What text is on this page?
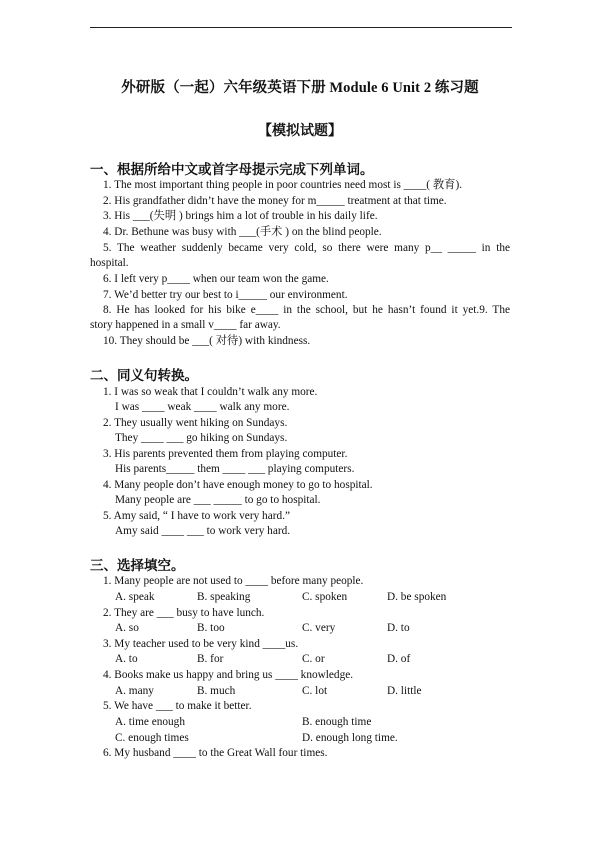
外研版（一起）六年级英语下册 Module 6 Unit 2 练习题
【模拟试题】
一、根据所给中文或首字母提示完成下列单词。
1. The most important thing people in poor countries need most is ____( 教育).
2. His grandfather didn’t have the money for m_____ treatment at that time.
3. His ___(失明 ) brings him a lot of trouble in his daily life.
4. Dr. Bethune was busy with ___(手术 ) on the blind people.
5. The weather suddenly became very cold, so there were many p__ _____ in the
hospital.
6. I left very p____ when our team won the game.
7. We’d better try our best to i_____ our environment.
8. He has looked for his bike e____ in the school, but he hasn’t found it yet.9. The
story happened in a small v____ far away.
10. They should be ___( 对待) with kindness.
二、同义句转换。
1. I was so weak that I couldn’t walk any more.
I was ____ weak ____ walk any more.
2. They usually went hiking on Sundays.
They ____ ___ go hiking on Sundays.
3. His parents prevented them from playing computer.
His parents_____ them ____ ___ playing computers.
4. Many people don’t have enough money to go to hospital.
Many people are ___ _____ to go to hospital.
5. Amy said, “ I have to work very hard.”
Amy said ____ ___ to work very hard.
三、选择填空。
1. Many people are not used to ____ before many people.
A. speak	B. speaking	C. spoken	D. be spoken
2. They are ___ busy to have lunch.
A. so	B. too	C. very	D. to
3. My teacher used to be very kind ____us.
A. to	B. for	C. or	D. of
4. Books make us happy and bring us ____ knowledge.
A. many	B. much	C. lot	D. little
5. We have ___ to make it better.
A. time enough	B. enough time
C. enough times	D. enough long time.
6. My husband ____ to the Great Wall four times.
